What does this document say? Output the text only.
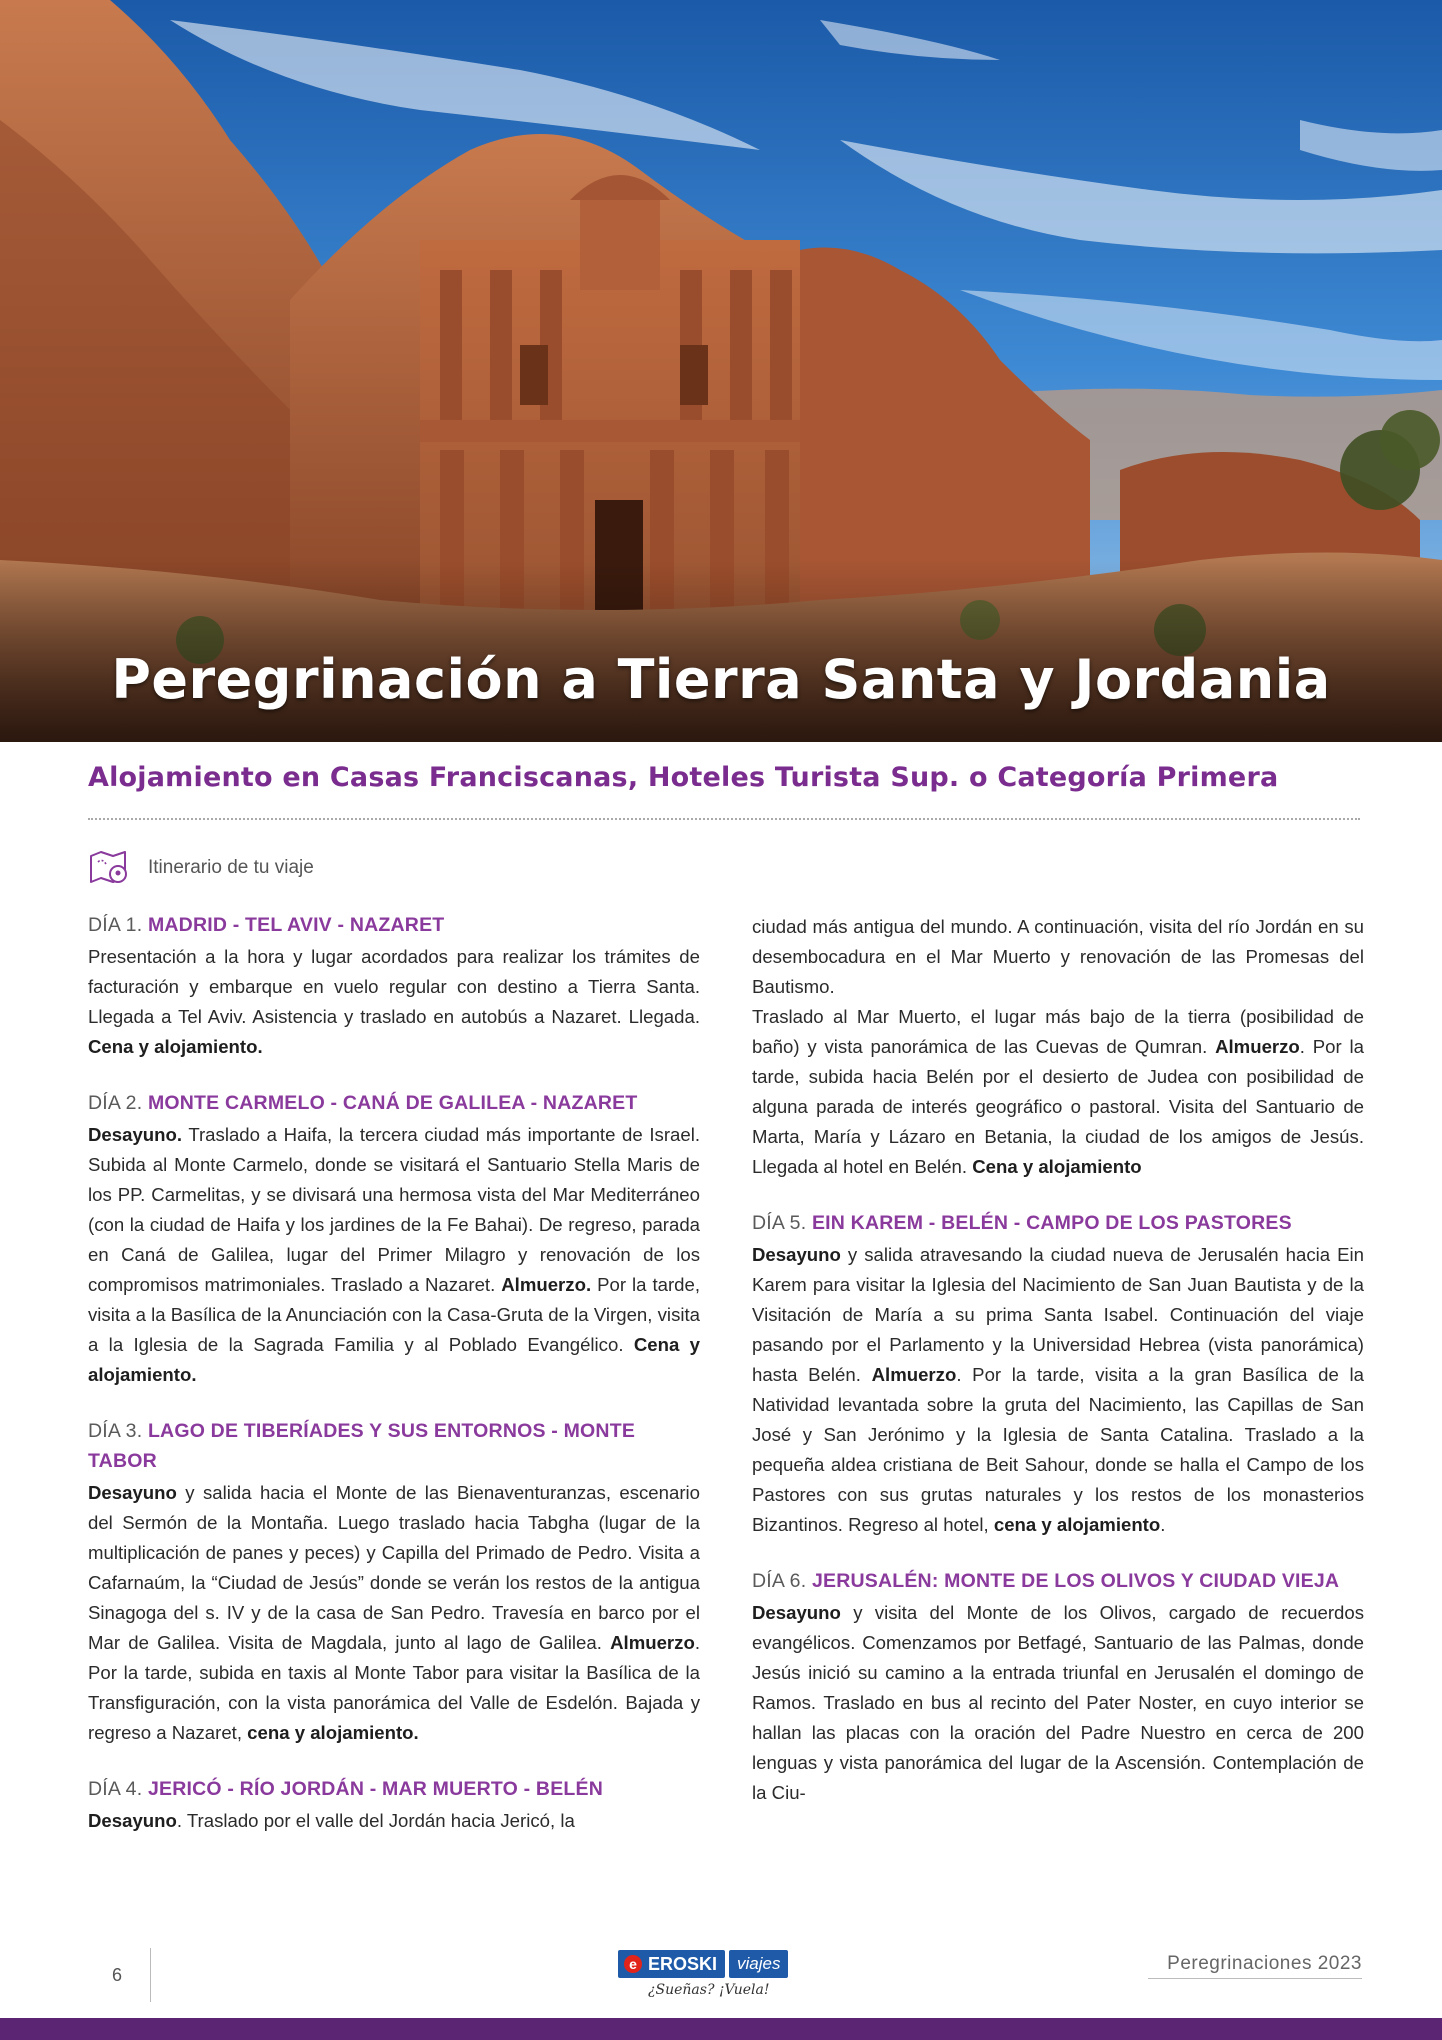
Peregrinación a Tierra Santa y Jordania
Alojamiento en Casas Franciscanas, Hoteles Turista Sup. o Categoría Primera
Itinerario de tu viaje
DÍA 1. MADRID - TEL AVIV - NAZARET

Presentación a la hora y lugar acordados para realizar los trámites de facturación y embarque en vuelo regular con destino a Tierra Santa. Llegada a Tel Aviv. Asistencia y traslado en autobús a Nazaret. Llegada. Cena y alojamiento.

DÍA 2. MONTE CARMELO - CANÁ DE GALILEA - NAZARET

Desayuno. Traslado a Haifa, la tercera ciudad más importante de Israel. Subida al Monte Carmelo, donde se visitará el Santuario Stella Maris de los PP. Carmelitas, y se divisará una hermosa vista del Mar Mediterráneo (con la ciudad de Haifa y los jardines de la Fe Bahai). De regreso, parada en Caná de Galilea, lugar del Primer Milagro y renovación de los compromisos matrimoniales. Traslado a Nazaret. Almuerzo. Por la tarde, visita a la Basílica de la Anunciación con la Casa-Gruta de la Virgen, visita a la Iglesia de la Sagrada Familia y al Poblado Evangélico. Cena y alojamiento.

DÍA 3. LAGO DE TIBERÍADES Y SUS ENTORNOS - MONTE TABOR

Desayuno y salida hacia el Monte de las Bienaventuranzas, escenario del Sermón de la Montaña. Luego traslado hacia Tabgha (lugar de la multiplicación de panes y peces) y Capilla del Primado de Pedro. Visita a Cafarnaúm, la “Ciudad de Jesús” donde se verán los restos de la antigua Sinagoga del s. IV y de la casa de San Pedro. Travesía en barco por el Mar de Galilea. Visita de Magdala, junto al lago de Galilea. Almuerzo. Por la tarde, subida en taxis al Monte Tabor para visitar la Basílica de la Transfiguración, con la vista panorámica del Valle de Esdelón. Bajada y regreso a Nazaret, cena y alojamiento.

DÍA 4. JERICÓ - RÍO JORDÁN - MAR MUERTO - BELÉN

Desayuno. Traslado por el valle del Jordán hacia Jericó, la

ciudad más antigua del mundo. A continuación, visita del río Jordán en su desembocadura en el Mar Muerto y renovación de las Promesas del Bautismo.

Traslado al Mar Muerto, el lugar más bajo de la tierra (posibilidad de baño) y vista panorámica de las Cuevas de Qumran. Almuerzo. Por la tarde, subida hacia Belén por el desierto de Judea con posibilidad de alguna parada de interés geográfico o pastoral. Visita del Santuario de Marta, María y Lázaro en Betania, la ciudad de los amigos de Jesús. Llegada al hotel en Belén. Cena y alojamiento

DÍA 5. EIN KAREM - BELÉN - CAMPO DE LOS PASTORES

Desayuno y salida atravesando la ciudad nueva de Jerusalén hacia Ein Karem para visitar la Iglesia del Nacimiento de San Juan Bautista y de la Visitación de María a su prima Santa Isabel. Continuación del viaje pasando por el Parlamento y la Universidad Hebrea (vista panorámica) hasta Belén. Almuerzo. Por la tarde, visita a la gran Basílica de la Natividad levantada sobre la gruta del Nacimiento, las Capillas de San José y San Jerónimo y la Iglesia de Santa Catalina. Traslado a la pequeña aldea cristiana de Beit Sahour, donde se halla el Campo de los Pastores con sus grutas naturales y los restos de los monasterios Bizantinos. Regreso al hotel, cena y alojamiento.

DÍA 6. JERUSALÉN: MONTE DE LOS OLIVOS Y CIUDAD VIEJA

Desayuno y visita del Monte de los Olivos, cargado de recuerdos evangélicos. Comenzamos por Betfagé, Santuario de las Palmas, donde Jesús inició su camino a la entrada triunfal en Jerusalén el domingo de Ramos. Traslado en bus al recinto del Pater Noster, en cuyo interior se hallan las placas con la oración del Padre Nuestro en cerca de 200 lenguas y vista panorámica del lugar de la Ascensión. Contemplación de la Ciu-

6
e EROSKI	viajes
¿Sueñas? ¡Vuela!
Peregrinaciones 2023
